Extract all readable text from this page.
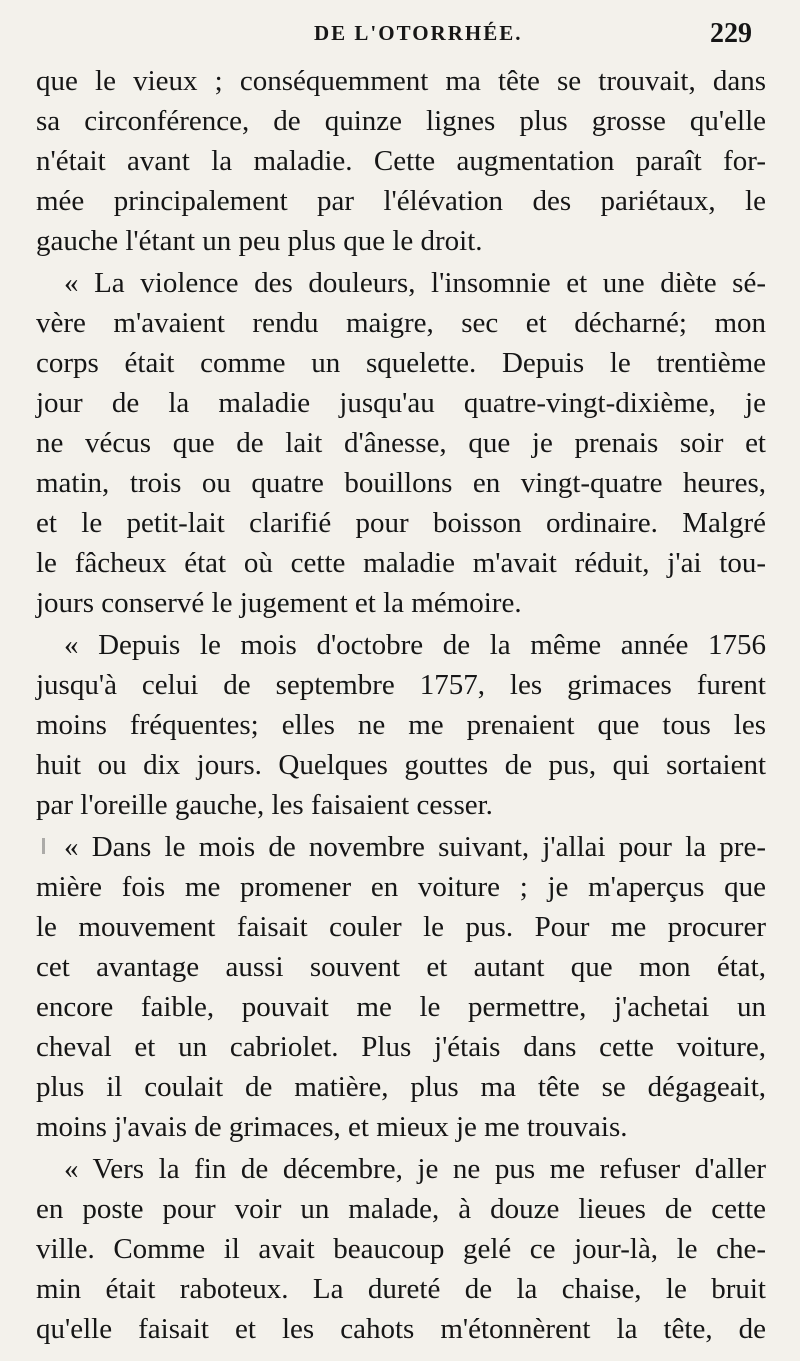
DE L'OTORRHÉE.	229
que le vieux ; conséquemment ma tête se trouvait, dans
sa circonférence, de quinze lignes plus grosse qu'elle
n'était avant la maladie. Cette augmentation paraît for-
mée principalement par l'élévation des pariétaux, le
gauche l'étant un peu plus que le droit.
« La violence des douleurs, l'insomnie et une diète sé-
vère m'avaient rendu maigre, sec et décharné; mon
corps était comme un squelette. Depuis le trentième
jour de la maladie jusqu'au quatre-vingt-dixième, je
ne vécus que de lait d'ânesse, que je prenais soir et
matin, trois ou quatre bouillons en vingt-quatre heures,
et le petit-lait clarifié pour boisson ordinaire. Malgré
le fâcheux état où cette maladie m'avait réduit, j'ai tou-
jours conservé le jugement et la mémoire.
« Depuis le mois d'octobre de la même année 1756
jusqu'à celui de septembre 1757, les grimaces furent
moins fréquentes; elles ne me prenaient que tous les
huit ou dix jours. Quelques gouttes de pus, qui sortaient
par l'oreille gauche, les faisaient cesser.
« Dans le mois de novembre suivant, j'allai pour la pre-
mière fois me promener en voiture ; je m'aperçus que
le mouvement faisait couler le pus. Pour me procurer
cet avantage aussi souvent et autant que mon état,
encore faible, pouvait me le permettre, j'achetai un
cheval et un cabriolet. Plus j'étais dans cette voiture,
plus il coulait de matière, plus ma tête se dégageait,
moins j'avais de grimaces, et mieux je me trouvais.
« Vers la fin de décembre, je ne pus me refuser d'aller
en poste pour voir un malade, à douze lieues de cette
ville. Comme il avait beaucoup gelé ce jour-là, le che-
min était raboteux. La dureté de la chaise, le bruit
qu'elle faisait et les cahots m'étonnèrent la tête, de
